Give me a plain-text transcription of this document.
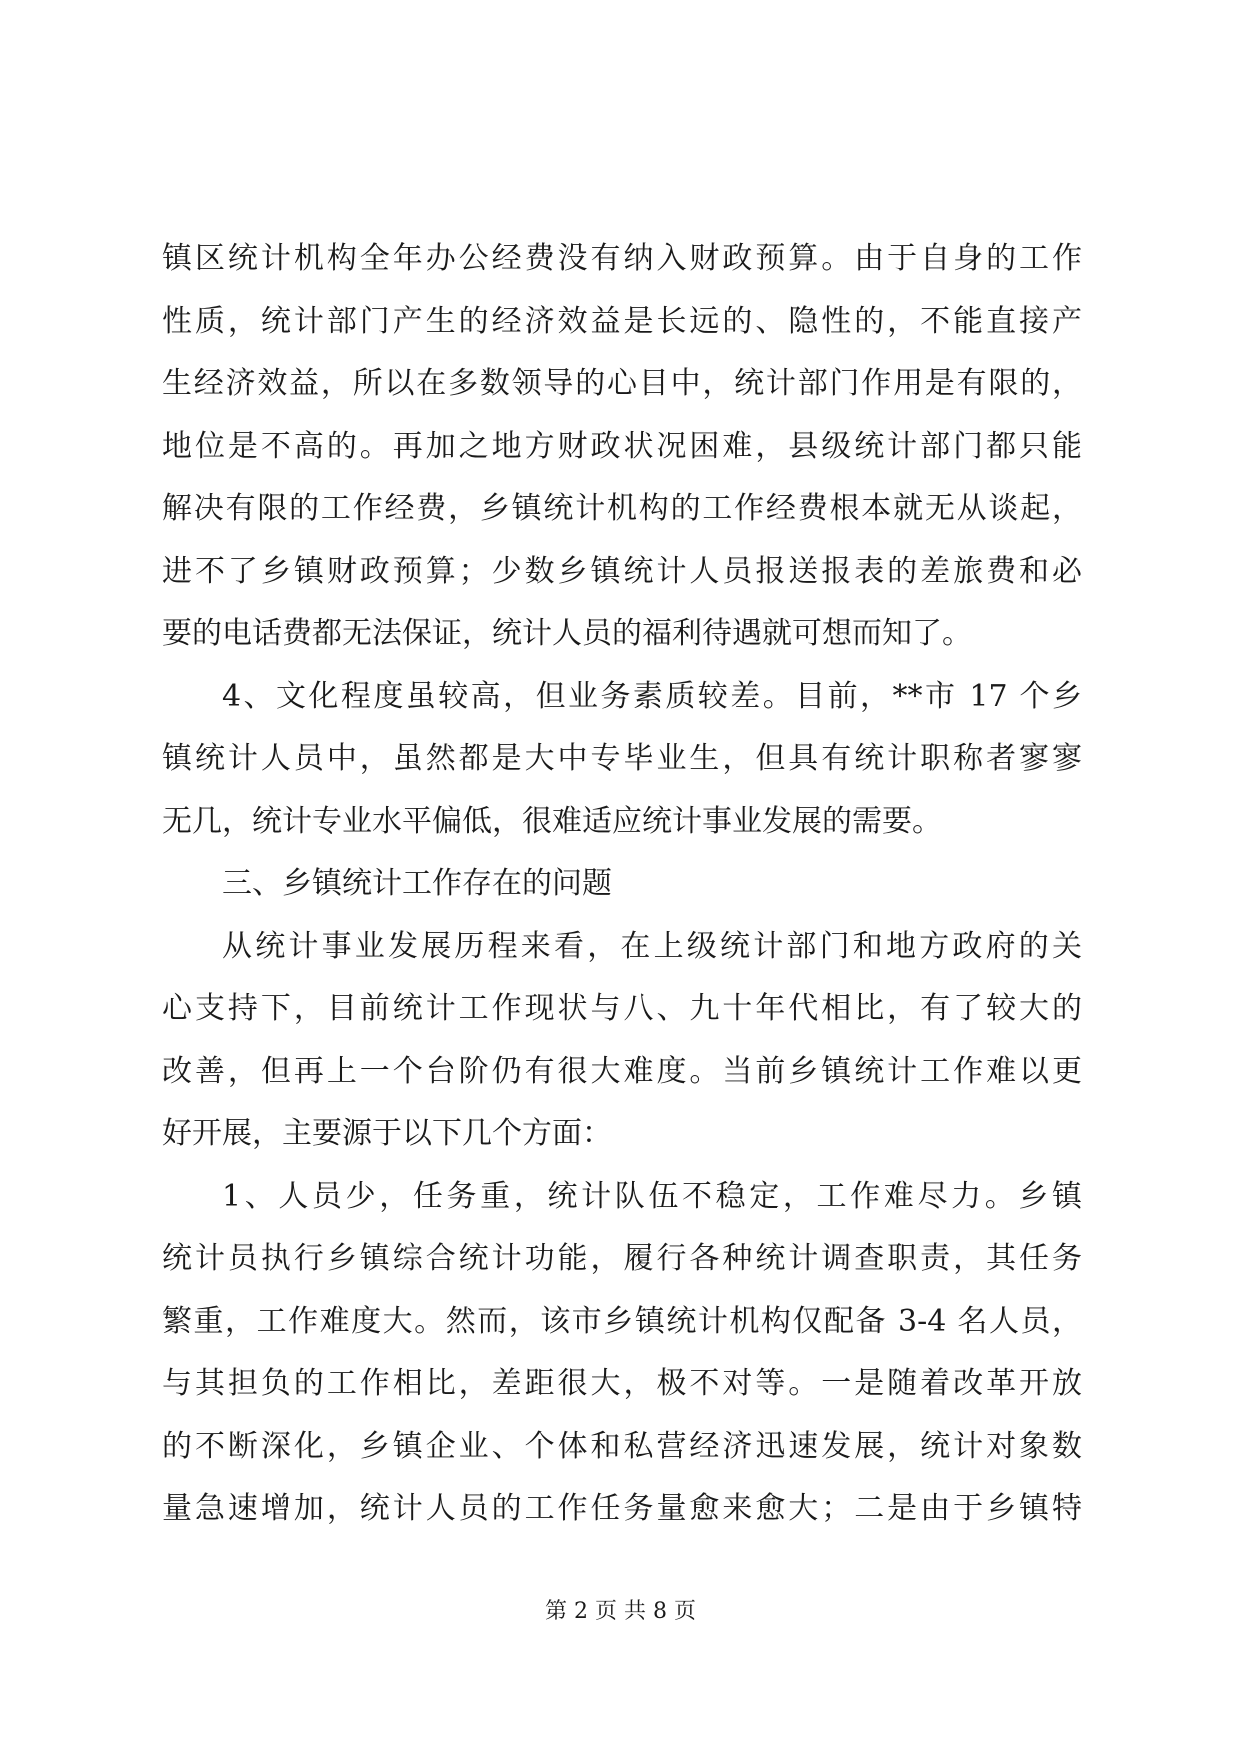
镇区统计机构全年办公经费没有纳入财政预算。由于自身的工作
性质，统计部门产生的经济效益是长远的、隐性的，不能直接产
生经济效益，所以在多数领导的心目中，统计部门作用是有限的，
地位是不高的。再加之地方财政状况困难，县级统计部门都只能
解决有限的工作经费，乡镇统计机构的工作经费根本就无从谈起，
进不了乡镇财政预算；少数乡镇统计人员报送报表的差旅费和必
要的电话费都无法保证，统计人员的福利待遇就可想而知了。
4、文化程度虽较高，但业务素质较差。目前，**市 17 个乡
镇统计人员中，虽然都是大中专毕业生，但具有统计职称者寥寥
无几，统计专业水平偏低，很难适应统计事业发展的需要。
三、乡镇统计工作存在的问题
从统计事业发展历程来看，在上级统计部门和地方政府的关
心支持下，目前统计工作现状与八、九十年代相比，有了较大的
改善，但再上一个台阶仍有很大难度。当前乡镇统计工作难以更
好开展，主要源于以下几个方面：
1、人员少，任务重，统计队伍不稳定，工作难尽力。乡镇
统计员执行乡镇综合统计功能，履行各种统计调查职责，其任务
繁重，工作难度大。然而，该市乡镇统计机构仅配备 3-4 名人员，
与其担负的工作相比，差距很大，极不对等。一是随着改革开放
的不断深化，乡镇企业、个体和私营经济迅速发展，统计对象数
量急速增加，统计人员的工作任务量愈来愈大；二是由于乡镇特
第 2 页 共 8 页
